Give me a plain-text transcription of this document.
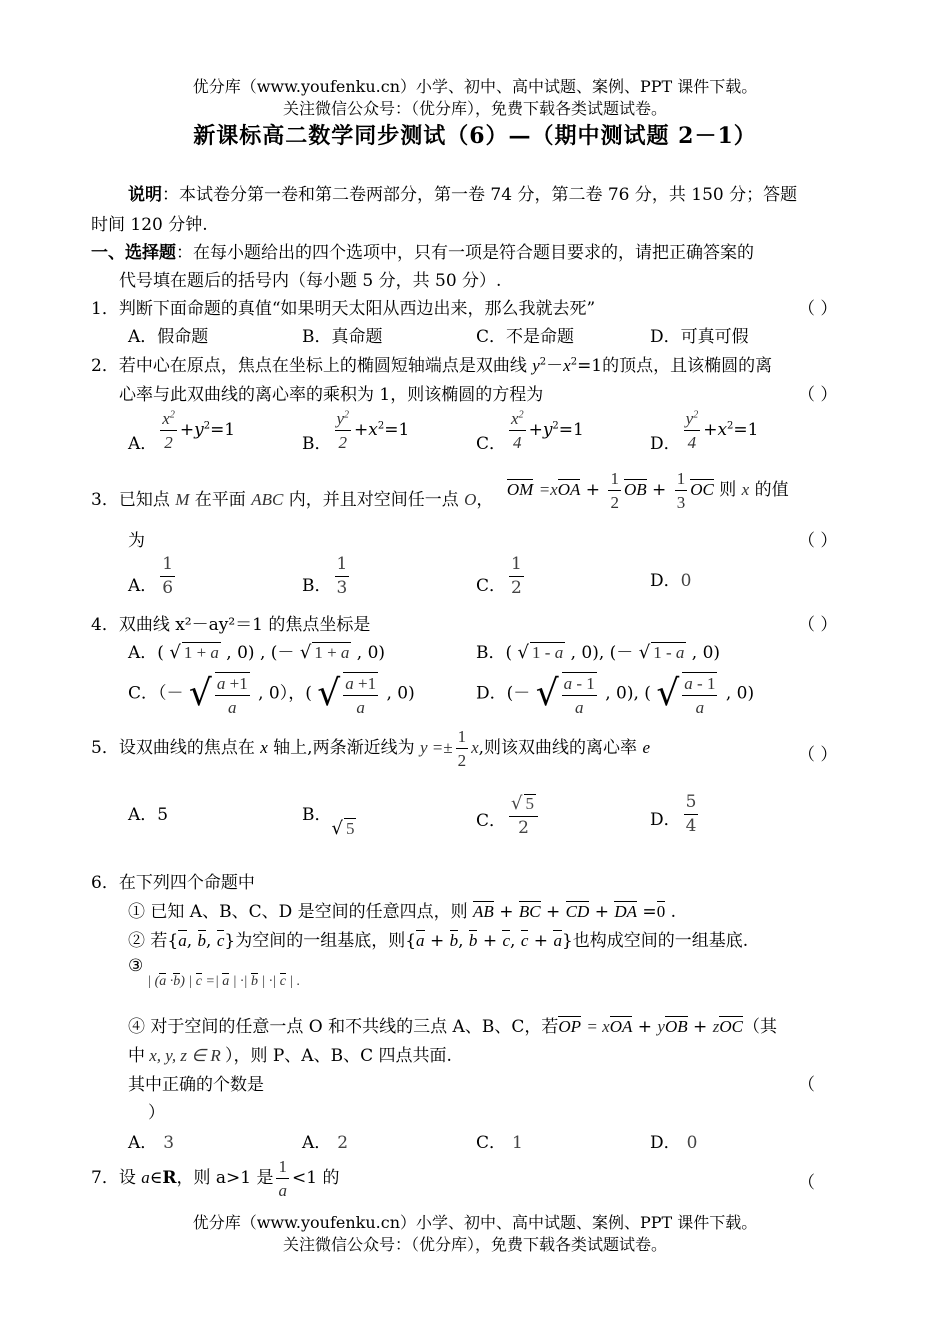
优分库（www.youfenku.cn）小学、初中、高中试题、案例、PPT 课件下载。
关注微信公众号：（优分库），免费下载各类试题试卷。
新课标高二数学同步测试（6）—（期中测试题 2－1）
说明：本试卷分第一卷和第二卷两部分，第一卷 74 分，第二卷 76 分，共 150 分；答题
时间 120 分钟.
一、选择题：在每小题给出的四个选项中，只有一项是符合题目要求的，请把正确答案的
代号填在题后的括号内（每小题 5 分，共 50 分）.
1．判断下面命题的真值“如果明天太阳从西边出来，那么我就去死”	（ ）
A．假命题	B．真命题	C．不是命题	D．可真可假
2．若中心在原点，焦点在坐标上的椭圆短轴端点是双曲线 $y^2-x^2=1$的顶点，且该椭圆的离
心率与此双曲线的离心率的乘积为 1，则该椭圆的方程为	（ ）
A． $\frac{x^2}{2} +y^2=1$
B． $\frac{y^2}{2} +x^2=1$
C． $\frac{x^2}{4} +y^2=1$
D． $\frac{y^2}{4} +x^2=1$
3．已知点 M 在平面 ABC 内，并且对空间任一点 O， OM $=xOA + \frac{1}{2}$ OB + $\frac{1}{3}$ OC 则 x 的值
为	（ ）
A． $\frac{1}{6}$	B． $\frac{1}{3}$	C． $\frac{1}{2}$	D．0
4．双曲线 x²－ay²＝1 的焦点坐标是	（ ）
A．( √ 1 + a , 0) , (－ √ 1 + a , 0)	B．( √ 1 - a , 0), (－ √ 1 - a , 0)
C．（－ √ $\frac{a +1}{a}$ , 0），( √ $\frac{a +1}{a}$ , 0)	D．(－ √ $\frac{a - 1}{a}$ , 0), ( √ $\frac{a - 1}{a}$ , 0)
5．设双曲线的焦点在 x 轴上,两条渐近线为 $y =\pm \frac{1}{2} x$,则该双曲线的离心率 e	（ ）
A．5	B．√ 5	C． $\frac{√ 5}{2}$	D． $\frac{5}{4}$
6．在下列四个命题中
① 已知 A、B、C、D 是空间的任意四点，则 AB + BC + CD + DA =0 .
② 若{a, b, c}为空间的一组基底，则{a + b, b + c, c + a}也构成空间的一组基底.
$③_{| (a \cdot b) | c =| a | \cdot| b | \cdot| c | .}$
④ 对于空间的任意一点 O 和不共线的三点 A、B、C，若OP = xOA + yOB + zOC（其
中 x, y, z ∈ R ），则 P、A、B、C 四点共面.
其中正确的个数是	（
）
A． 3	A． 2	C． 1	D． 0
7．设 a∈R，则 a>1 是 $\frac{1}{a} <1$ 的	（
优分库（www.youfenku.cn）小学、初中、高中试题、案例、PPT 课件下载。
关注微信公众号：（优分库），免费下载各类试题试卷。
